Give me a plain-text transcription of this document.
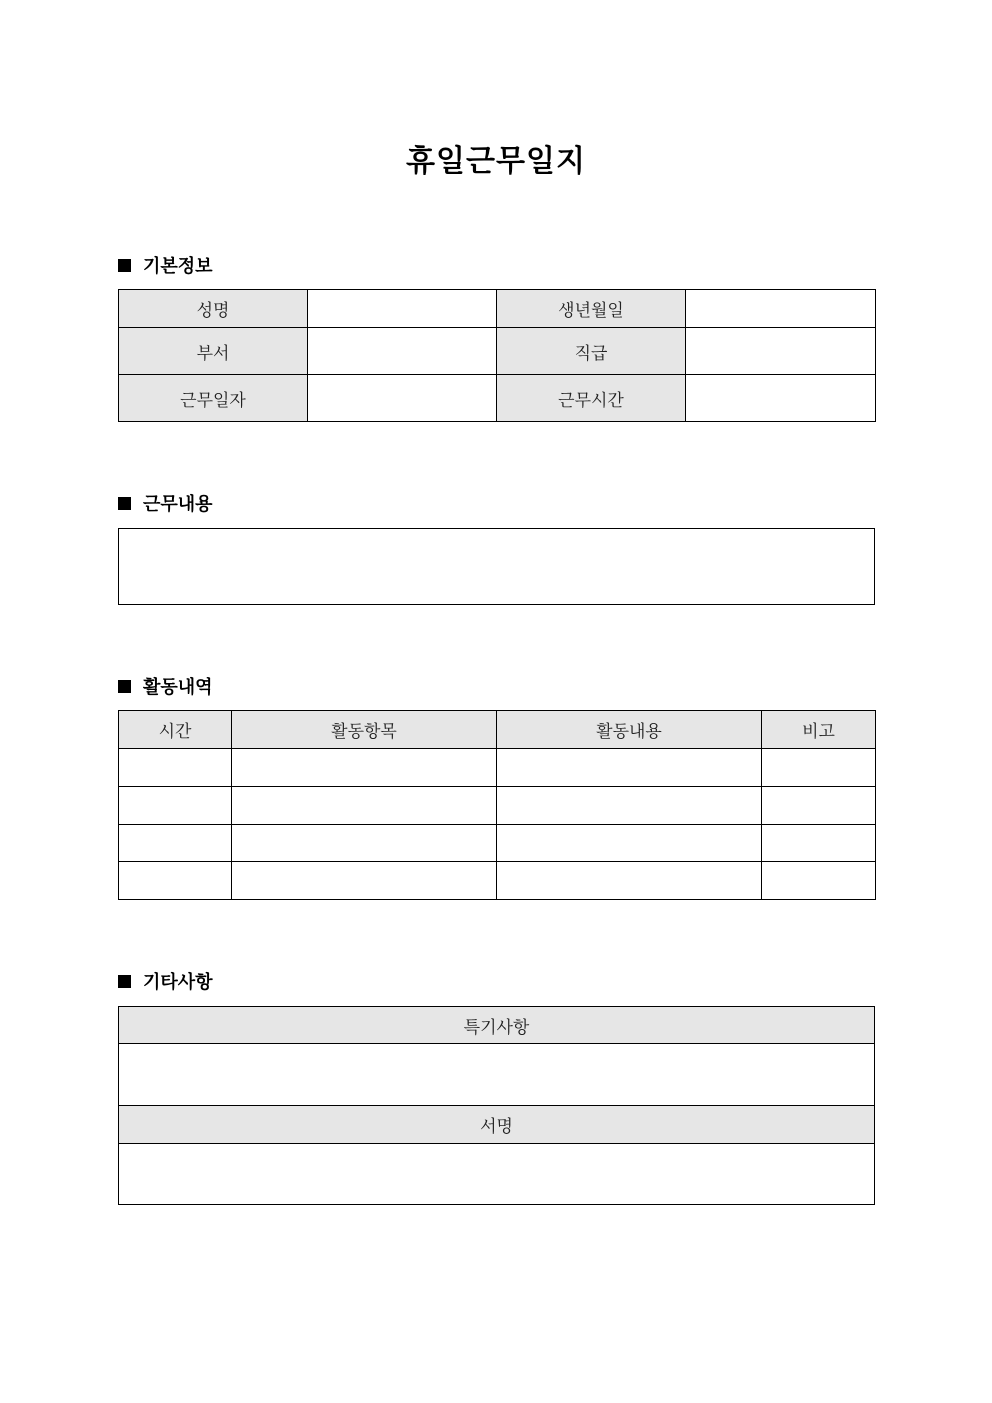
휴일근무일지
기본정보
성명		생년월일	
부서		직급	
근무일자		근무시간	
근무내용
활동내역
시간	활동항목	활동내용	비고

기타사항
특기사항

서명
